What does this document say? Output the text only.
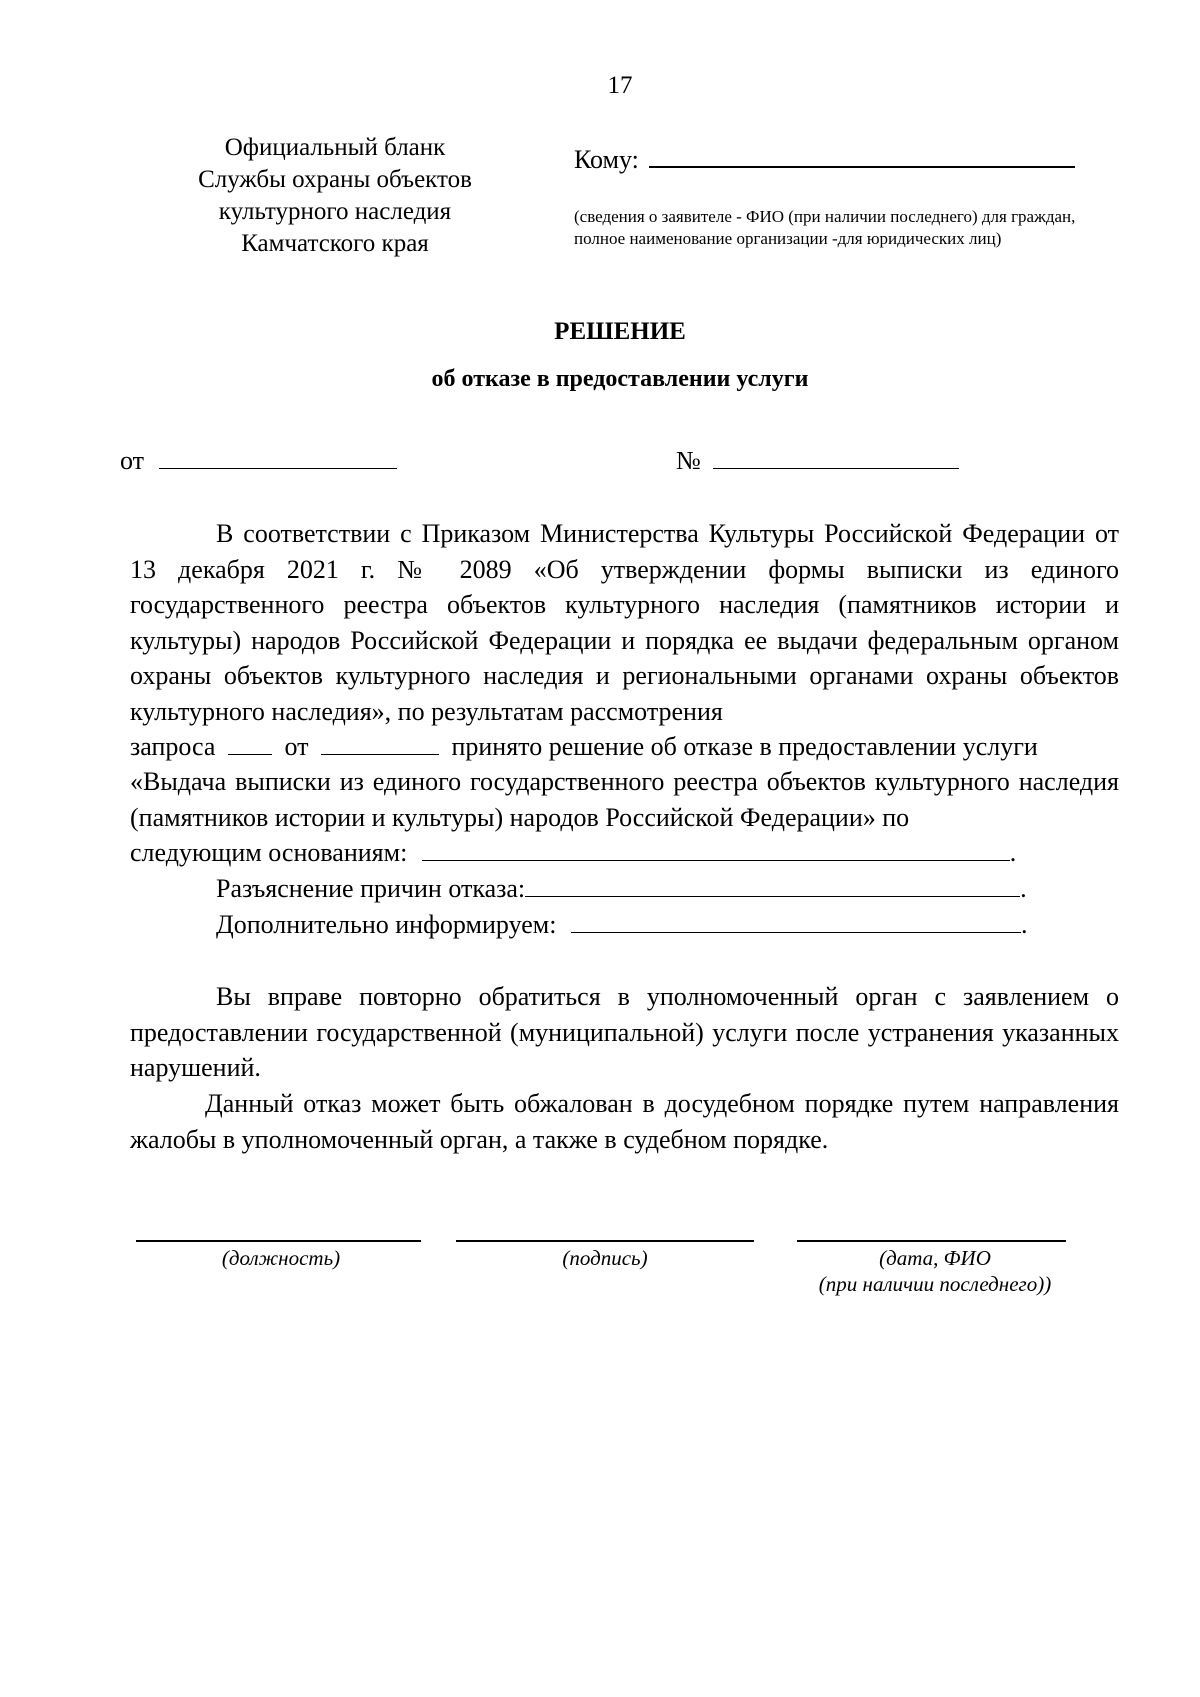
17
Официальный бланк
Службы охраны объектов
культурного наследия
Камчатского края
Кому:
(сведения о заявителе - ФИО (при наличии последнего) для граждан, полное наименование организации -для юридических лиц)
РЕШЕНИЕ
об отказе в предоставлении услуги
от	№
В соответствии с Приказом Министерства Культуры Российской Федерации от 13 декабря 2021 г. № 2089 «Об утверждении формы выписки из единого государственного реестра объектов культурного наследия (памятников истории и культуры) народов Российской Федерации и порядка ее выдачи федеральным органом охраны объектов культурного наследия и региональными органами охраны объектов культурного наследия», по результатам рассмотрения
запроса	от	принято решение об отказе в предоставлении услуги
«Выдача выписки из единого государственного реестра объектов культурного наследия (памятников истории и культуры) народов Российской Федерации» по
следующим основаниям:	.
Разъяснение причин отказа:	.
Дополнительно информируем:	.
Вы вправе повторно обратиться в уполномоченный орган с заявлением о предоставлении государственной (муниципальной) услуги после устранения указанных нарушений.
Данный отказ может быть обжалован в досудебном порядке путем направления жалобы в уполномоченный орган, а также в судебном порядке.
(должность)	(подпись)	(дата, ФИО
(при наличии последнего))
